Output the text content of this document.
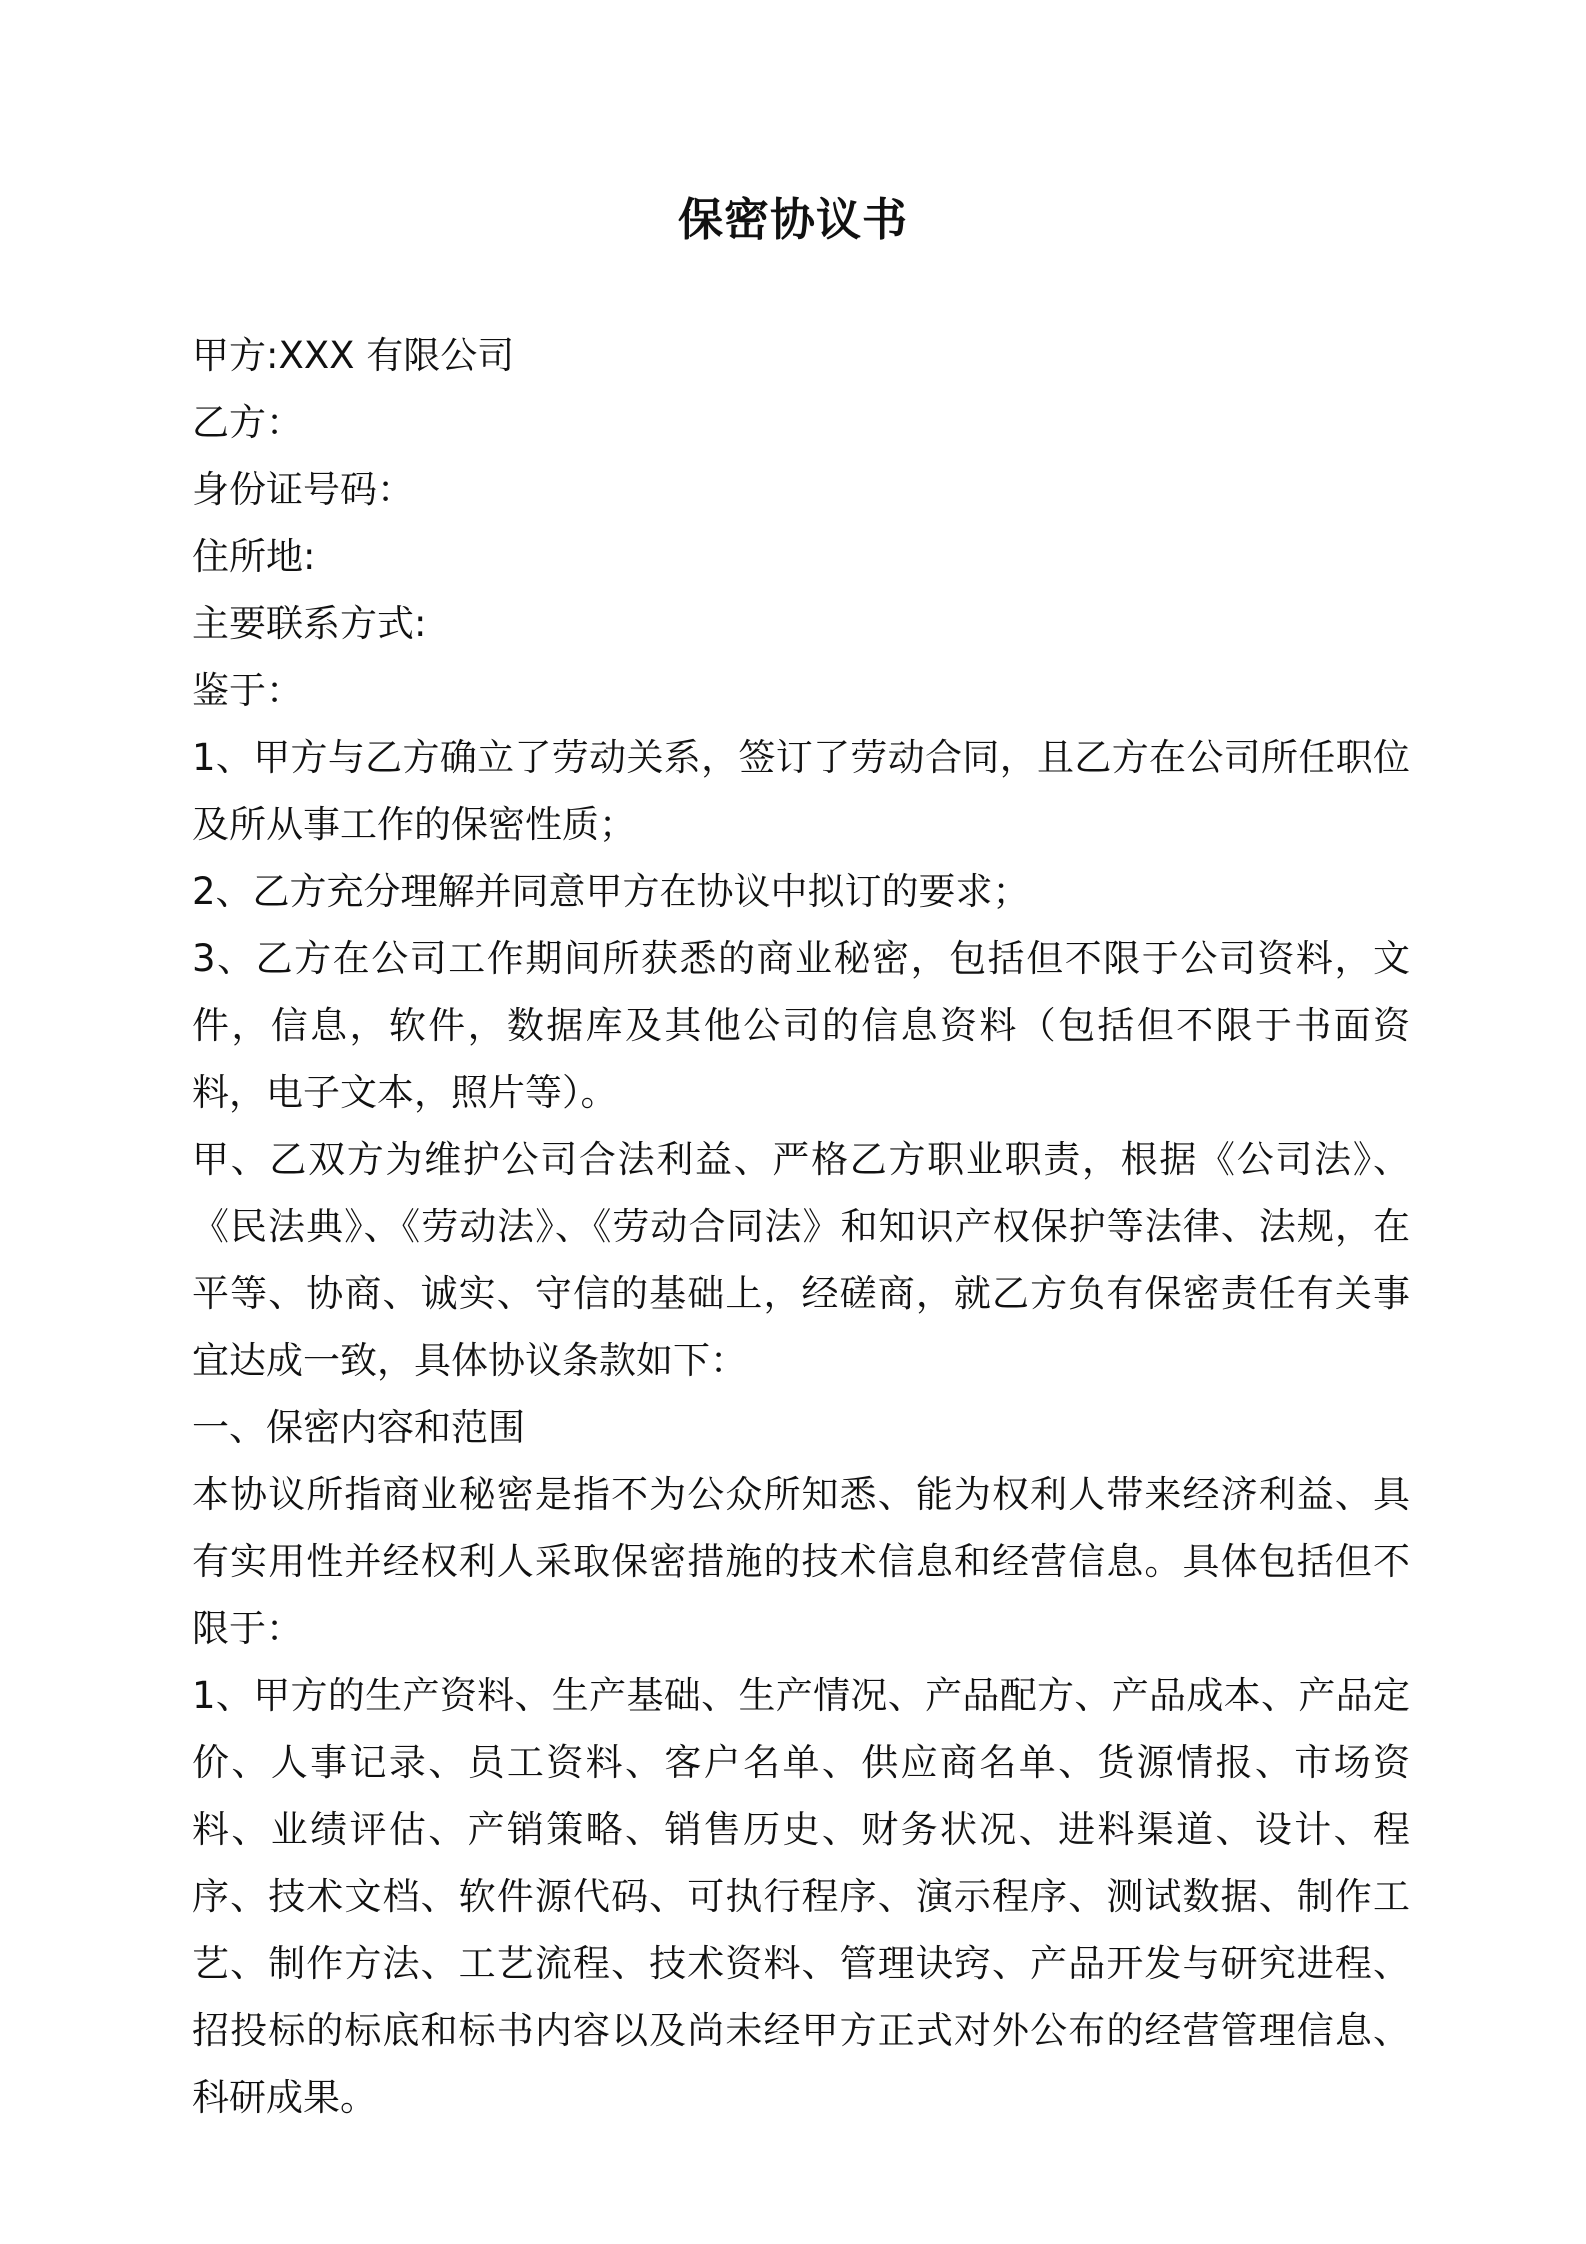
保密协议书

甲方:XXX 有限公司

乙方：

身份证号码：

住所地:

主要联系方式:

鉴于：

1、甲方与乙方确立了劳动关系，签订了劳动合同，且乙方在公司所任职位及所从事工作的保密性质；

2、乙方充分理解并同意甲方在协议中拟订的要求；

3、乙方在公司工作期间所获悉的商业秘密，包括但不限于公司资料，文件，信息，软件，数据库及其他公司的信息资料（包括但不限于书面资料，电子文本，照片等）。

甲、乙双方为维护公司合法利益、严格乙方职业职责，根据《公司法》、《民法典》、《劳动法》、《劳动合同法》和知识产权保护等法律、法规，在平等、协商、诚实、守信的基础上，经磋商，就乙方负有保密责任有关事宜达成一致，具体协议条款如下：

一、保密内容和范围

本协议所指商业秘密是指不为公众所知悉、能为权利人带来经济利益、具有实用性并经权利人采取保密措施的技术信息和经营信息。具体包括但不限于：

1、甲方的生产资料、生产基础、生产情况、产品配方、产品成本、产品定价、人事记录、员工资料、客户名单、供应商名单、货源情报、市场资料、业绩评估、产销策略、销售历史、财务状况、进料渠道、设计、程序、技术文档、软件源代码、可执行程序、演示程序、测试数据、制作工艺、制作方法、工艺流程、技术资料、管理诀窍、产品开发与研究进程、招投标的标底和标书内容以及尚未经甲方正式对外公布的经营管理信息、科研成果。
